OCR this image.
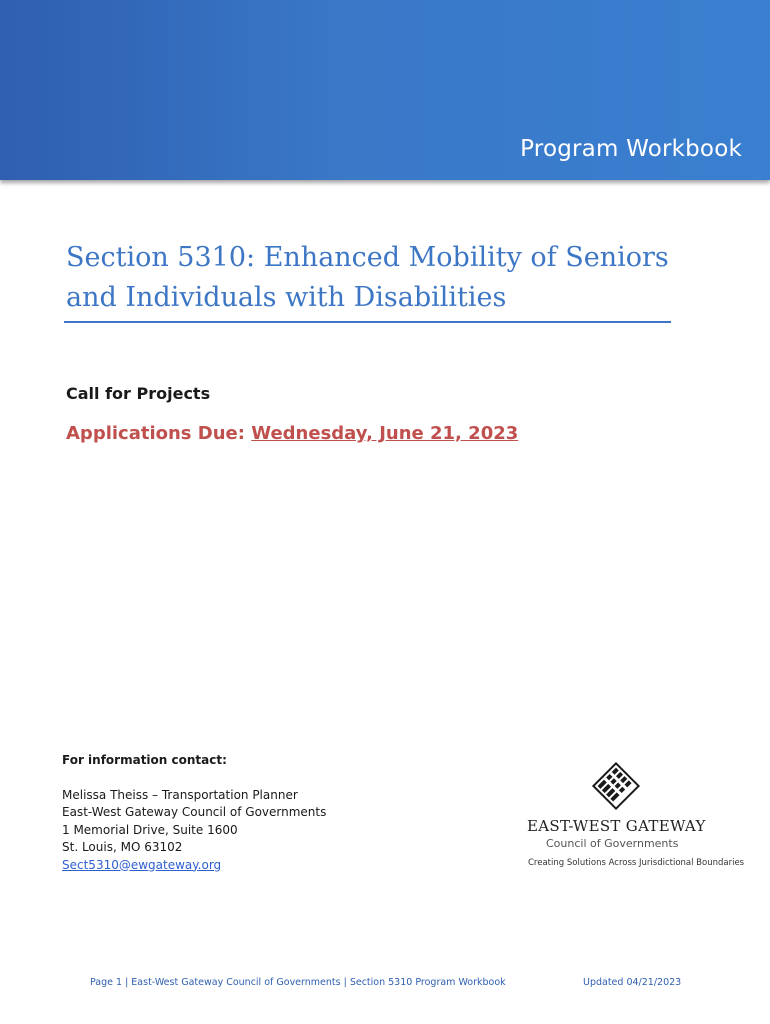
Program Workbook
Section 5310: Enhanced Mobility of Seniors
and Individuals with Disabilities
Call for Projects
Applications Due: Wednesday, June 21, 2023
For information contact:
Melissa Theiss – Transportation Planner
East-West Gateway Council of Governments
1 Memorial Drive, Suite 1600
St. Louis, MO 63102
Sect5310@ewgateway.org
EAST-WEST GATEWAY
Council of Governments
Creating Solutions Across Jurisdictional Boundaries
Page 1 | East-West Gateway Council of Governments | Section 5310 Program Workbook	Updated 04/21/2023
